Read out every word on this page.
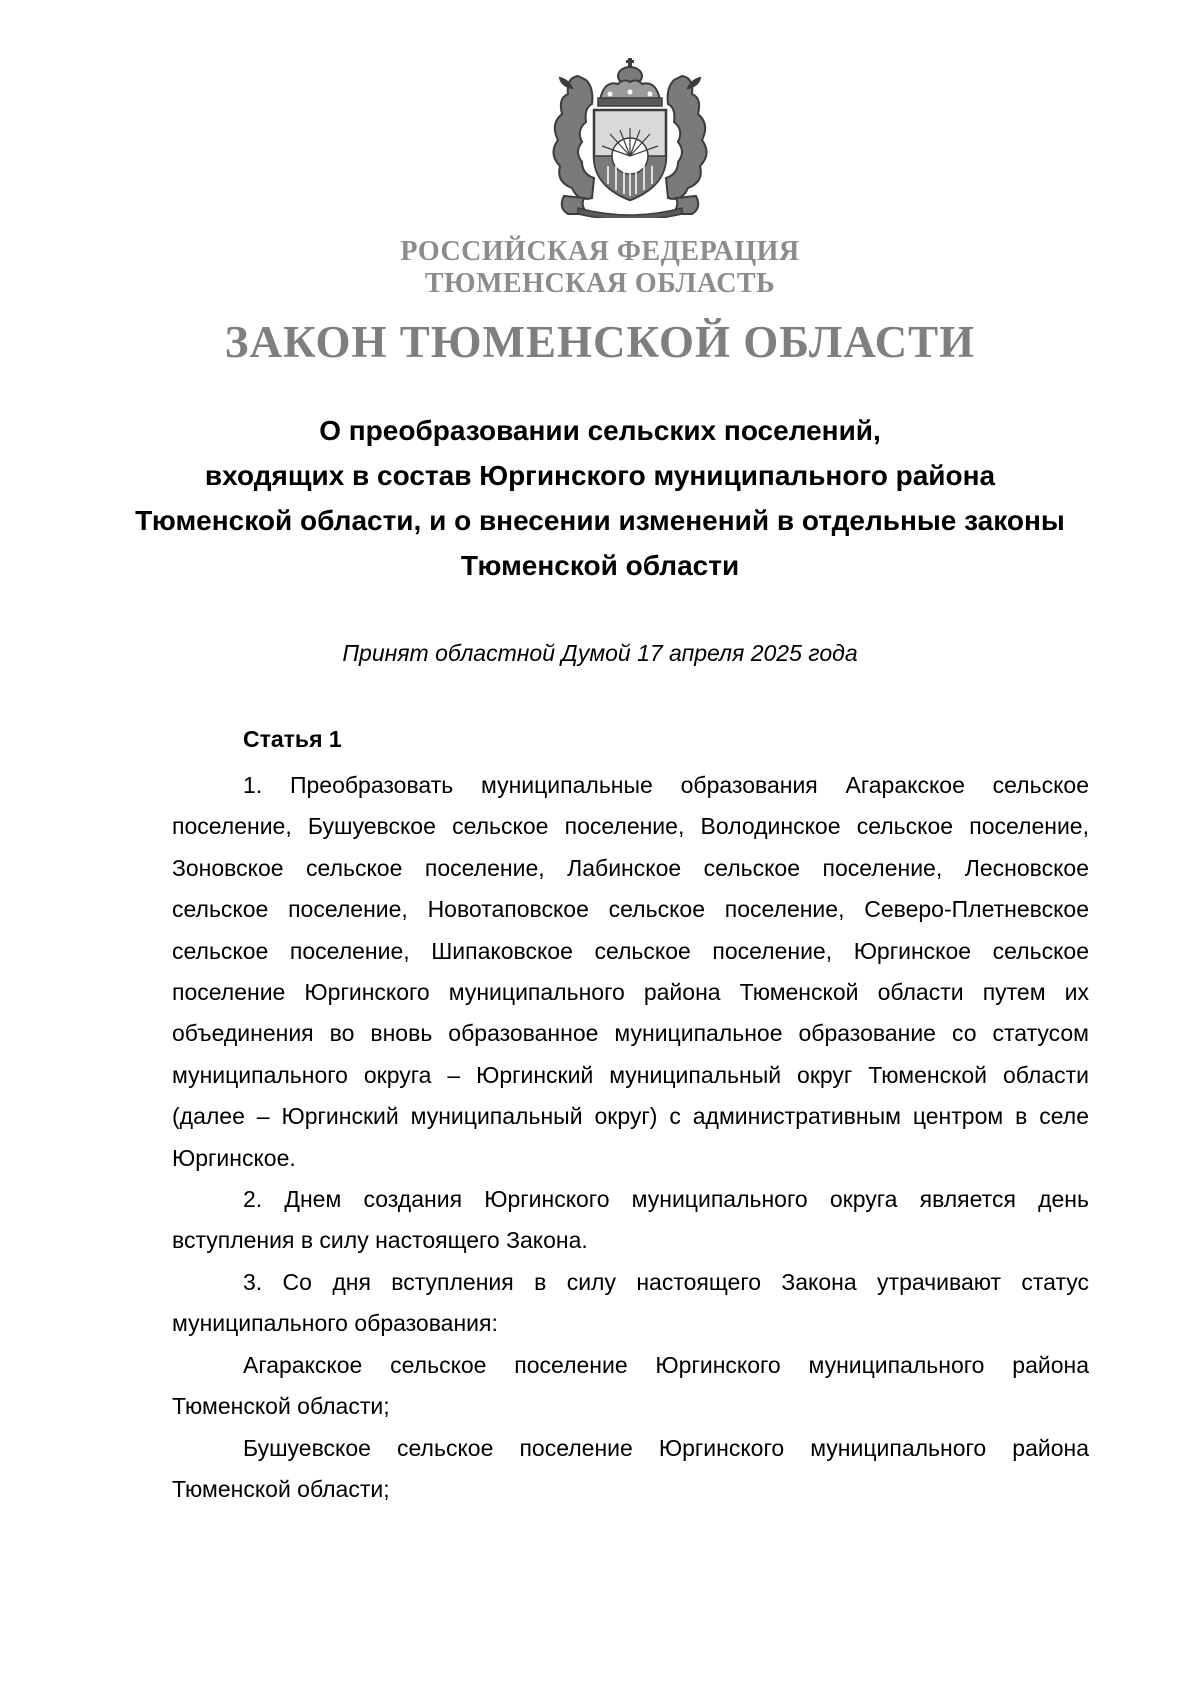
РОССИЙСКАЯ ФЕДЕРАЦИЯ
ТЮМЕНСКАЯ ОБЛАСТЬ
ЗАКОН ТЮМЕНСКОЙ ОБЛАСТИ
О преобразовании сельских поселений,
входящих в состав Юргинского муниципального района
Тюменской области, и о внесении изменений в отдельные законы
Тюменской области
Принят областной Думой 17 апреля 2025 года
Статья 1

1. Преобразовать муниципальные образования Агаракское сельское поселение, Бушуевское сельское поселение, Володинское сельское поселение, Зоновское сельское поселение, Лабинское сельское поселение, Лесновское сельское поселение, Новотаповское сельское поселение, Северо-Плетневское сельское поселение, Шипаковское сельское поселение, Юргинское сельское поселение Юргинского муниципального района Тюменской области путем их объединения во вновь образованное муниципальное образование со статусом муниципального округа – Юргинский муниципальный округ Тюменской области (далее – Юргинский муниципальный округ) с административным центром в селе Юргинское.

2. Днем создания Юргинского муниципального округа является день вступления в силу настоящего Закона.

3. Со дня вступления в силу настоящего Закона утрачивают статус муниципального образования:

Агаракское сельское поселение Юргинского муниципального района Тюменской области;

Бушуевское сельское поселение Юргинского муниципального района Тюменской области;
